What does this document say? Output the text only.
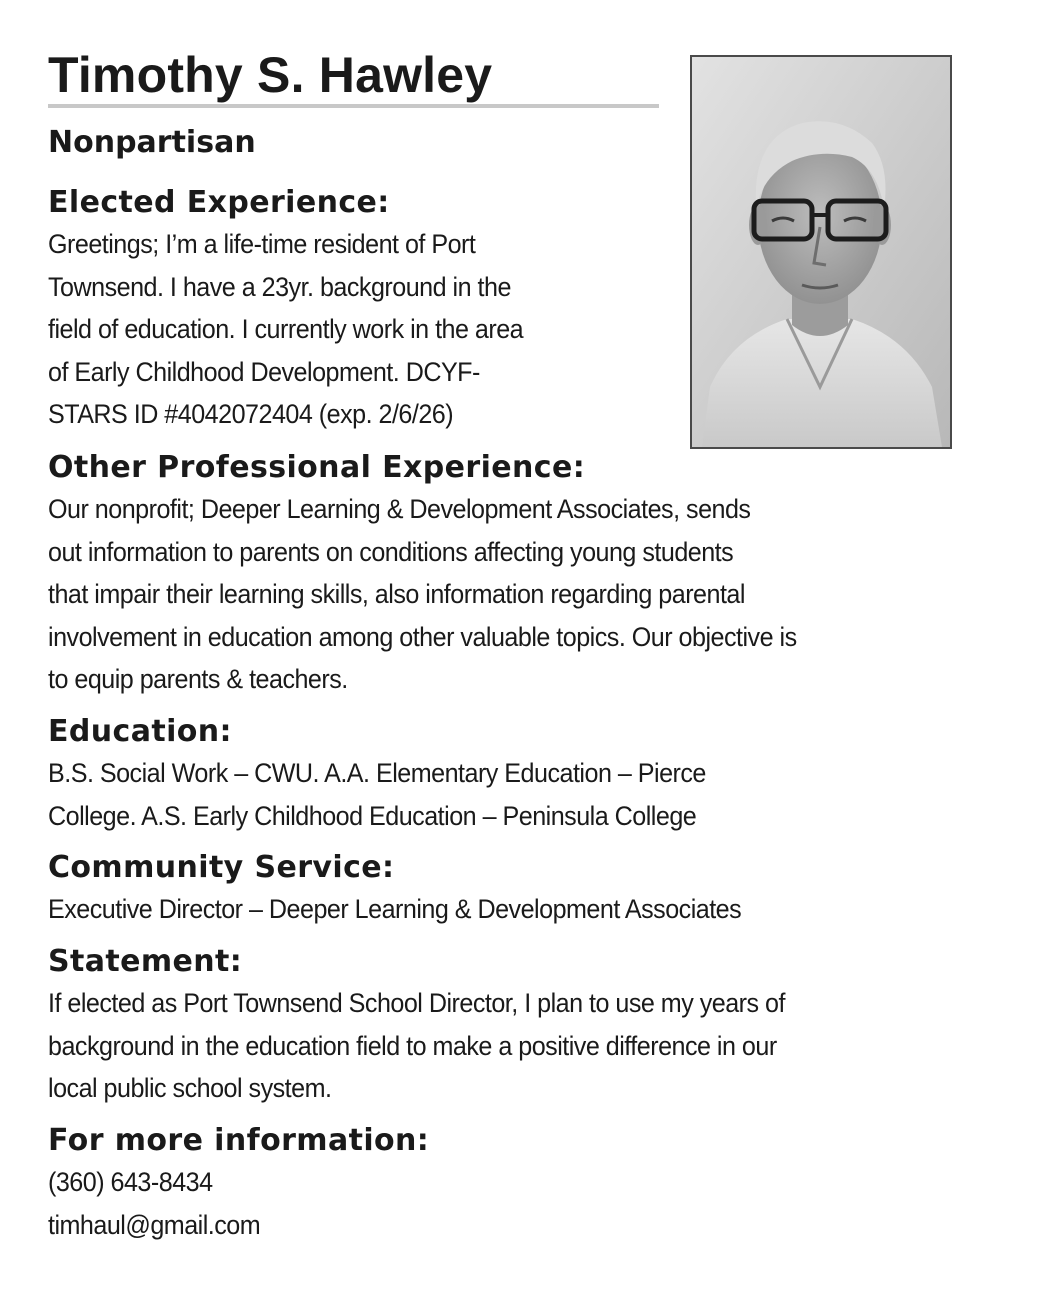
Timothy S. Hawley

Nonpartisan

Elected Experience:
Greetings; I’m a life-time resident of Port
Townsend. I have a 23yr. background in the
field of education. I currently work in the area
of Early Childhood Development. DCYF-
STARS ID #4042072404 (exp. 2/6/26)
Other Professional Experience:
Our nonprofit; Deeper Learning & Development Associates, sends
out information to parents on conditions affecting young students
that impair their learning skills, also information regarding parental
involvement in education among other valuable topics. Our objective is
to equip parents & teachers.
Education:
B.S. Social Work – CWU. A.A. Elementary Education – Pierce
College. A.S. Early Childhood Education – Peninsula College
Community Service:
Executive Director – Deeper Learning & Development Associates
Statement:
If elected as Port Townsend School Director, I plan to use my years of
background in the education field to make a positive difference in our
local public school system.
For more information:
(360) 643-8434
timhaul@gmail.com
